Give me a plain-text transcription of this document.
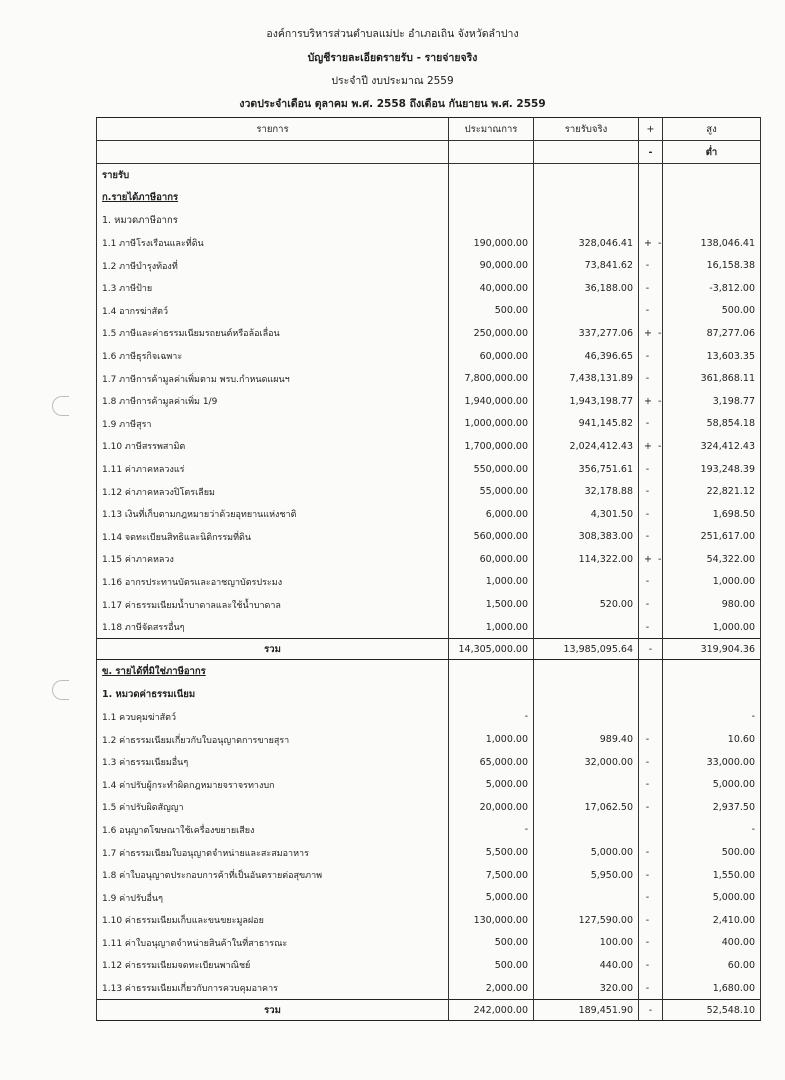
องค์การบริหารส่วนตำบลแม่ปะ อำเภอเถิน จังหวัดลำปาง
บัญชีรายละเอียดรายรับ - รายจ่ายจริง
ประจำปี งบประมาณ 2559
งวดประจำเดือน ตุลาคม พ.ศ. 2558 ถึงเดือน กันยายน พ.ศ. 2559
รายการ	ประมาณการ	รายรับจริง	+	สูง
			-	ต่ำ
รายรับ				
ก.รายได้ภาษีอากร				
1. หมวดภาษีอากร				
1.1 ภาษีโรงเรือนและที่ดิน	190,000.00	328,046.41	+ -	138,046.41
1.2 ภาษีบำรุงท้องที่	90,000.00	73,841.62	-	16,158.38
1.3 ภาษีป้าย	40,000.00	36,188.00	-	-3,812.00
1.4 อากรฆ่าสัตว์	500.00		-	500.00
1.5 ภาษีและค่าธรรมเนียมรถยนต์หรือล้อเลื่อน	250,000.00	337,277.06	+ -	87,277.06
1.6 ภาษีธุรกิจเฉพาะ	60,000.00	46,396.65	-	13,603.35
1.7 ภาษีการค้ามูลค่าเพิ่มตาม พรบ.กำหนดแผนฯ	7,800,000.00	7,438,131.89	-	361,868.11
1.8 ภาษีการค้ามูลค่าเพิ่ม 1/9	1,940,000.00	1,943,198.77	+ -	3,198.77
1.9 ภาษีสุรา	1,000,000.00	941,145.82	-	58,854.18
1.10 ภาษีสรรพสามิต	1,700,000.00	2,024,412.43	+ -	324,412.43
1.11 ค่าภาคหลวงแร่	550,000.00	356,751.61	-	193,248.39
1.12 ค่าภาคหลวงปิโตรเลียม	55,000.00	32,178.88	-	22,821.12
1.13 เงินที่เก็บตามกฎหมายว่าด้วยอุทยานแห่งชาติ	6,000.00	4,301.50	-	1,698.50
1.14 จดทะเบียนสิทธิและนิติกรรมที่ดิน	560,000.00	308,383.00	-	251,617.00
1.15 ค่าภาคหลวง	60,000.00	114,322.00	+ -	54,322.00
1.16 อากรประทานบัตรและอาชญาบัตรประมง	1,000.00		-	1,000.00
1.17 ค่าธรรมเนียมน้ำบาดาลและใช้น้ำบาดาล	1,500.00	520.00	-	980.00
1.18 ภาษีจัดสรรอื่นๆ	1,000.00		-	1,000.00
รวม	14,305,000.00	13,985,095.64	-	319,904.36
ข. รายได้ที่มิใช่ภาษีอากร				
1. หมวดค่าธรรมเนียม				
1.1 ควบคุมฆ่าสัตว์	-			-
1.2 ค่าธรรมเนียมเกี่ยวกับใบอนุญาตการขายสุรา	1,000.00	989.40	-	10.60
1.3 ค่าธรรมเนียมอื่นๆ	65,000.00	32,000.00	-	33,000.00
1.4 ค่าปรับผู้กระทำผิดกฎหมายจราจรทางบก	5,000.00		-	5,000.00
1.5 ค่าปรับผิดสัญญา	20,000.00	17,062.50	-	2,937.50
1.6 อนุญาตโฆษณาใช้เครื่องขยายเสียง	-			-
1.7 ค่าธรรมเนียมใบอนุญาตจำหน่ายและสะสมอาหาร	5,500.00	5,000.00	-	500.00
1.8 ค่าใบอนุญาตประกอบการค้าที่เป็นอันตรายต่อสุขภาพ	7,500.00	5,950.00	-	1,550.00
1.9 ค่าปรับอื่นๆ	5,000.00		-	5,000.00
1.10 ค่าธรรมเนียมเก็บและขนขยะมูลฝอย	130,000.00	127,590.00	-	2,410.00
1.11 ค่าใบอนุญาตจำหน่ายสินค้าในที่สาธารณะ	500.00	100.00	-	400.00
1.12 ค่าธรรมเนียมจดทะเบียนพาณิชย์	500.00	440.00	-	60.00
1.13 ค่าธรรมเนียมเกี่ยวกับการควบคุมอาคาร	2,000.00	320.00	-	1,680.00
รวม	242,000.00	189,451.90	-	52,548.10
